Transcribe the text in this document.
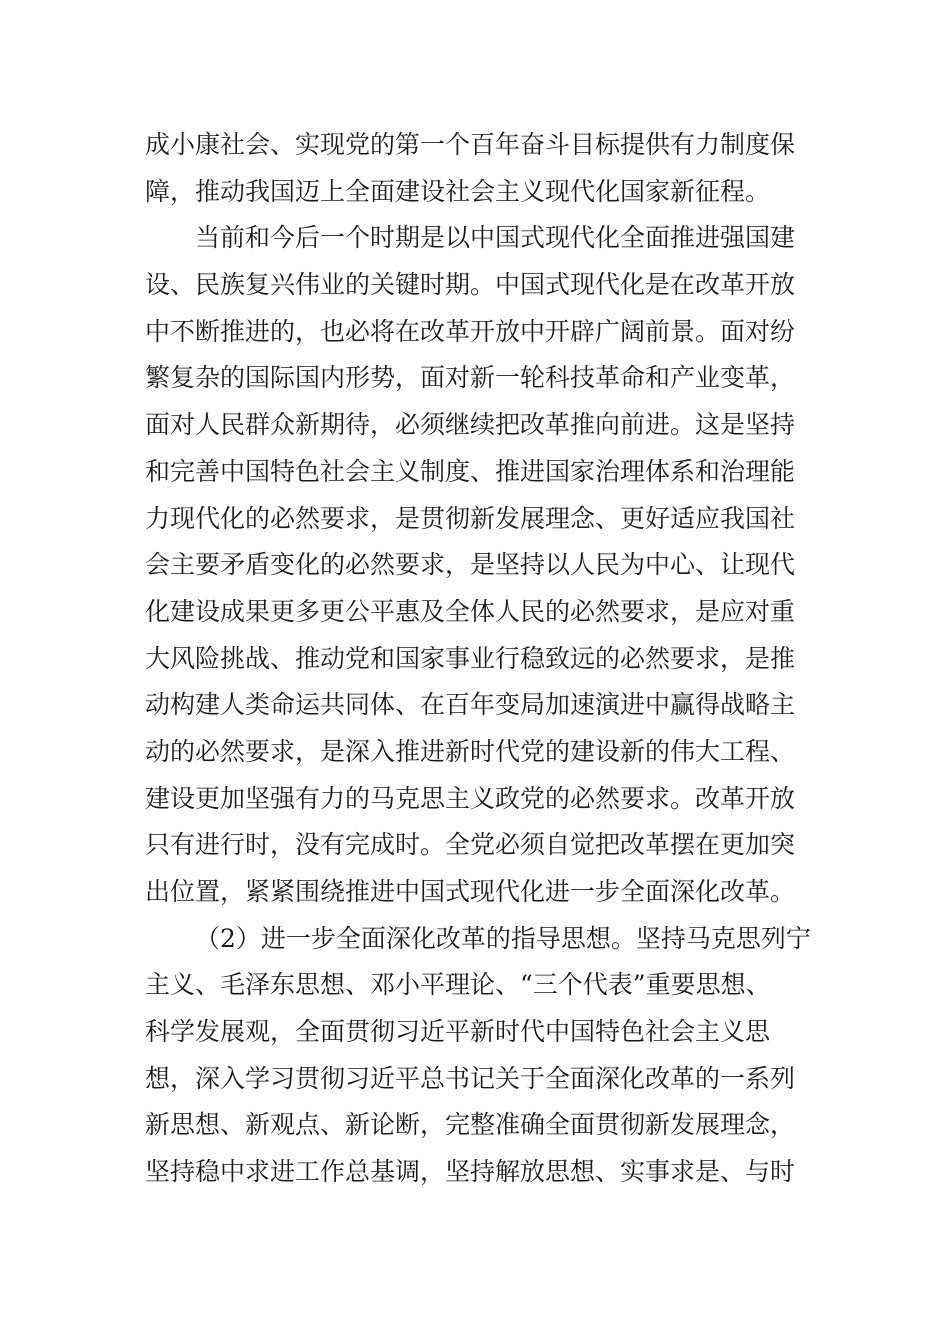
成小康社会、实现党的第一个百年奋斗目标提供有力制度保
障，推动我国迈上全面建设社会主义现代化国家新征程。
当前和今后一个时期是以中国式现代化全面推进强国建
设、民族复兴伟业的关键时期。中国式现代化是在改革开放
中不断推进的，也必将在改革开放中开辟广阔前景。面对纷
繁复杂的国际国内形势，面对新一轮科技革命和产业变革，
面对人民群众新期待，必须继续把改革推向前进。这是坚持
和完善中国特色社会主义制度、推进国家治理体系和治理能
力现代化的必然要求，是贯彻新发展理念、更好适应我国社
会主要矛盾变化的必然要求，是坚持以人民为中心、让现代
化建设成果更多更公平惠及全体人民的必然要求，是应对重
大风险挑战、推动党和国家事业行稳致远的必然要求，是推
动构建人类命运共同体、在百年变局加速演进中赢得战略主
动的必然要求，是深入推进新时代党的建设新的伟大工程、
建设更加坚强有力的马克思主义政党的必然要求。改革开放
只有进行时，没有完成时。全党必须自觉把改革摆在更加突
出位置，紧紧围绕推进中国式现代化进一步全面深化改革。
（2）进一步全面深化改革的指导思想。坚持马克思列宁
主义、毛泽东思想、邓小平理论、“三个代表”重要思想、
科学发展观，全面贯彻习近平新时代中国特色社会主义思
想，深入学习贯彻习近平总书记关于全面深化改革的一系列
新思想、新观点、新论断，完整准确全面贯彻新发展理念，
坚持稳中求进工作总基调，坚持解放思想、实事求是、与时
